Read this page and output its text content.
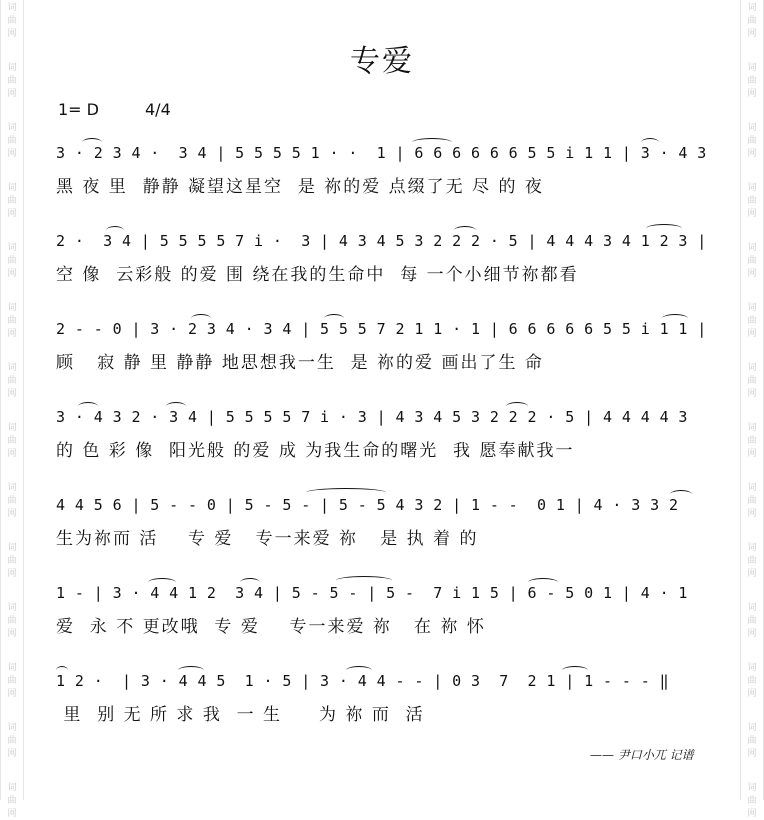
词
曲
网
词
曲
网
词
曲
网
词
曲
网
词
曲
网
词
曲
网
词
曲
网
词
曲
网
词
曲
网
词
曲
网
词
曲
网
词
曲
网
词
曲
网
词
曲
网
词
曲
网
词
曲
网
词
曲
网
词
曲
网
词
曲
网
词
曲
网
词
曲
网
词
曲
网
词
曲
网
词
曲
网
词
曲
网
词
曲
网
词
曲
网
词
曲
网
专爱
1= D	4/4
3 · 2 3 4 ·  3 4 | 5 5 5 5 1 · ·  1 | 6 6 6 6 6 6 5 5 i 1 1 | 3 · 4 3
黑 夜 里  静静 凝望这星空  是 祢的爱 点缀了无 尽 的 夜
2 ·  3 4 | 5 5 5 5 7 i ·  3 | 4 3 4 5 3 2 2 2 · 5 | 4 4 4 3 4 1 2 3 |
空 像  云彩般 的爱 围 绕在我的生命中  每 一个小细节祢都看
2 - - 0 | 3 · 2 3 4 · 3 4 | 5 5 5 7 2 1 1 · 1 | 6 6 6 6 6 5 5 i 1 1 |
顾   寂 静 里 静静 地思想我一生  是 祢的爱 画出了生 命
3 · 4 3 2 · 3 4 | 5 5 5 5 7 i · 3 | 4 3 4 5 3 2 2 2 · 5 | 4 4 4 4 3
的 色 彩 像  阳光般 的爱 成 为我生命的曙光  我 愿奉献我一
4 4 5 6 | 5 - - 0 | 5 - 5 - | 5 - 5 4 3 2 | 1 - -  0 1 | 4 · 3 3 2
生为祢而 活    专 爱   专一来爱 祢   是 执 着 的
1 - | 3 · 4 4 1 2  3 4 | 5 - 5 - | 5 -  7 i 1 5 | 6 - 5 0 1 | 4 · 1
爱  永 不 更改哦  专 爱    专一来爱 祢   在 祢 怀
1 2 ·  | 3 · 4 4 5  1 · 5 | 3 · 4 4 - - | 0 3  7  2 1 | 1 - - - ‖
里  别 无 所 求 我  一 生     为 祢 而  活
—— 尹口小兀 记谱
